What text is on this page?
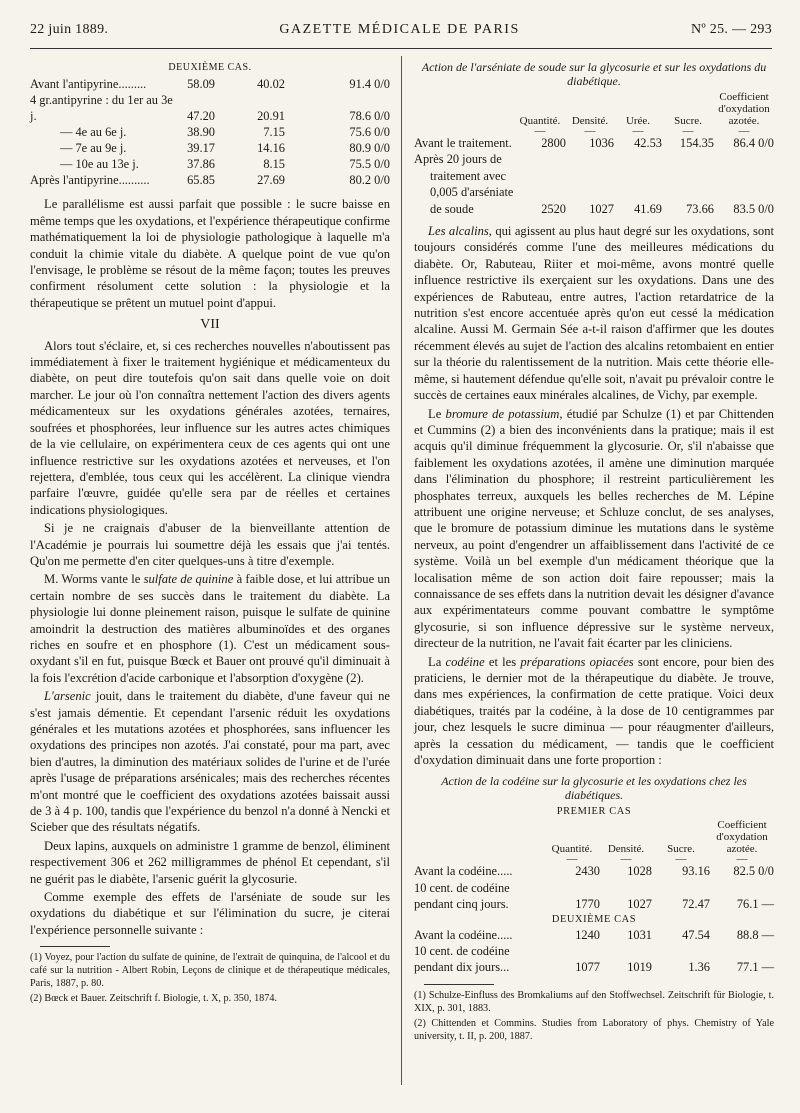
22 juin 1889.	GAZETTE MÉDICALE DE PARIS	Nº 25. — 293
DEUXIÈME CAS.
Avant l'antipyrine.........	58.09	40.02	91.4 0/0
4 gr.antipyrine : du 1er au 3e j.	47.20	20.91	78.6 0/0
— 4e au 6e j.	38.90	7.15	75.6 0/0
— 7e au 9e j.	39.17	14.16	80.9 0/0
— 10e au 13e j.	37.86	8.15	75.5 0/0
Après l'antipyrine..........	65.85	27.69	80.2 0/0

Le parallélisme est aussi parfait que possible : le sucre baisse en même temps que les oxydations, et l'expérience thérapeutique confirme mathématiquement la loi de physiologie pathologique à laquelle m'a conduit la chimie vitale du diabète. A quelque point de vue qu'on l'envisage, le problème se résout de la même façon; toutes les preuves confirment résolument cette solution : la physiologie et la thérapeutique se prêtent un mutuel point d'appui.

VII

Alors tout s'éclaire, et, si ces recherches nouvelles n'aboutissent pas immédiatement à fixer le traitement hygiénique et médicamenteux du diabète, on peut dire toutefois qu'on sait dans quelle voie on doit marcher. Le jour où l'on connaîtra nettement l'action des divers agents médicamenteux sur les oxydations générales azotées, ternaires, soufrées et phosphorées, leur influence sur les autres actes chimiques de la vie cellulaire, on expérimentera ceux de ces agents qui ont une influence restrictive sur les oxydations azotées et nerveuses, et l'on rejettera, d'emblée, tous ceux qui les accélèrent. La clinique viendra parfaire l'œuvre, guidée qu'elle sera par de réelles et certaines indications physiologiques.

Si je ne craignais d'abuser de la bienveillante attention de l'Académie je pourrais lui soumettre déjà les essais que j'ai tentés. Qu'on me permette d'en citer quelques-uns à titre d'exemple.

M. Worms vante le sulfate de quinine à faible dose, et lui attribue un certain nombre de ses succès dans le traitement du diabète. La physiologie lui donne pleinement raison, puisque le sulfate de quinine amoindrit la destruction des matières albuminoïdes et des organes riches en soufre et en phosphore (1). C'est un médicament sous-oxydant s'il en fut, puisque Bœck et Bauer ont prouvé qu'il diminuait à la fois l'excrétion d'acide carbonique et l'absorption d'oxygène (2).

L'arsenic jouit, dans le traitement du diabète, d'une faveur qui ne s'est jamais démentie. Et cependant l'arsenic réduit les oxydations générales et les mutations azotées et phosphorées, sans influencer les oxydations des principes non azotés. J'ai constaté, pour ma part, avec bien d'autres, la diminution des matériaux solides de l'urine et de l'urée après l'usage de préparations arsénicales; mais des recherches récentes m'ont montré que le coefficient des oxydations azotées baissait aussi de 3 à 4 p. 100, tandis que l'expérience du benzol n'a donné à Nencki et Scieber que des résultats négatifs.

Deux lapins, auxquels on administre 1 gramme de benzol, éliminent respectivement 306 et 262 milligrammes de phénol Et cependant, s'il ne guérit pas le diabète, l'arsenic guérit la glycosurie.

Comme exemple des effets de l'arséniate de soude sur les oxydations du diabétique et sur l'élimination du sucre, je citerai l'expérience personnelle suivante :

(1) Voyez, pour l'action du sulfate de quinine, de l'extrait de quinquina, de l'alcool et du café sur la nutrition - Albert Robin, Leçons de clinique et de thérapeutique médicales, Paris, 1887, p. 80.

(2) Bœck et Bauer. Zeitschrift f. Biologie, t. X, p. 350, 1874.

Action de l'arséniate de soude sur la glycosurie et sur les oxydations du diabétique.
	Quantité.	Densité.	Urée.	Sucre.	Coefficient d'oxydation azotée.
	—	—	—	—	—
Avant le traitement.	2800	1036	42.53	154.35	86.4 0/0

Après 20 jours de
traitement avec
0,005 d'arséniate
de soude	2520	1027	41.69	73.66	83.5 0/0

Les alcalins, qui agissent au plus haut degré sur les oxydations, sont toujours considérés comme l'une des meilleures médications du diabète. Or, Rabuteau, Riiter et moi-même, avons montré quelle influence restrictive ils exerçaient sur les oxydations. Dans une des expériences de Rabuteau, entre autres, l'action retardatrice de la nutrition s'est encore accentuée après qu'on eut cessé la médication alcaline. Aussi M. Germain Sée a-t-il raison d'affirmer que les doutes récemment élevés au sujet de l'action des alcalins retombaient en entier sur la théorie du ralentissement de la nutrition. Mais cette théorie elle-même, si hautement défendue qu'elle soit, n'avait pu prévaloir contre le succès de certaines eaux minérales alcalines, de Vichy, par exemple.

Le bromure de potassium, étudié par Schulze (1) et par Chittenden et Cummins (2) a bien des inconvénients dans la pratique; mais il est acquis qu'il diminue fréquemment la glycosurie. Or, s'il n'abaisse que faiblement les oxydations azotées, il amène une diminution marquée dans l'élimination du phosphore; il restreint particulièrement les phosphates terreux, auxquels les belles recherches de M. Lépine attribuent une origine nerveuse; et Schluze conclut, de ses analyses, que le bromure de potassium diminue les mutations dans le système nerveux, au point d'engendrer un affaiblissement dans l'activité de ce système. Voilà un bel exemple d'un médicament théorique que la localisation même de son action doit faire repousser; mais la connaissance de ses effets dans la nutrition devait les désigner d'avance aux expérimentateurs comme pouvant combattre le symptôme glycosurie, si son influence dépressive sur le système nerveux, directeur de la nutrition, ne l'avait fait écarter par les cliniciens.

La codéine et les préparations opiacées sont encore, pour bien des praticiens, le dernier mot de la thérapeutique du diabète. Je trouve, dans mes expériences, la confirmation de cette pratique. Voici deux diabétiques, traités par la codéine, à la dose de 10 centigrammes par jour, chez lesquels le sucre diminua — pour réaugmenter d'ailleurs, après la cessation du médicament, — tandis que le coefficient d'oxydation diminuait dans une forte proportion :

Action de la codéine sur la glycosurie et les oxydations chez les diabétiques.
PREMIER CAS
	Quantité.	Densité.	Sucre.	Coefficient d'oxydation azotée.
	—	—	—	—
Avant la codéine.....	2430	1028	93.16	82.5 0/0
10 cent. de codéine pendant cinq jours.	1770	1027	72.47	76.1 —
DEUXIÈME CAS				
Avant la codéine.....	1240	1031	47.54	88.8 —
10 cent. de codéine pendant dix jours...	1077	1019	1.36	77.1 —

(1) Schulze-Einfluss des Bromkaliums auf den Stoffwechsel. Zeitschrift für Biologie, t. XIX, p. 301, 1883.

(2) Chittenden et Commins. Studies from Laboratory of phys. Chemistry of Yale university, t. II, p. 200, 1887.
